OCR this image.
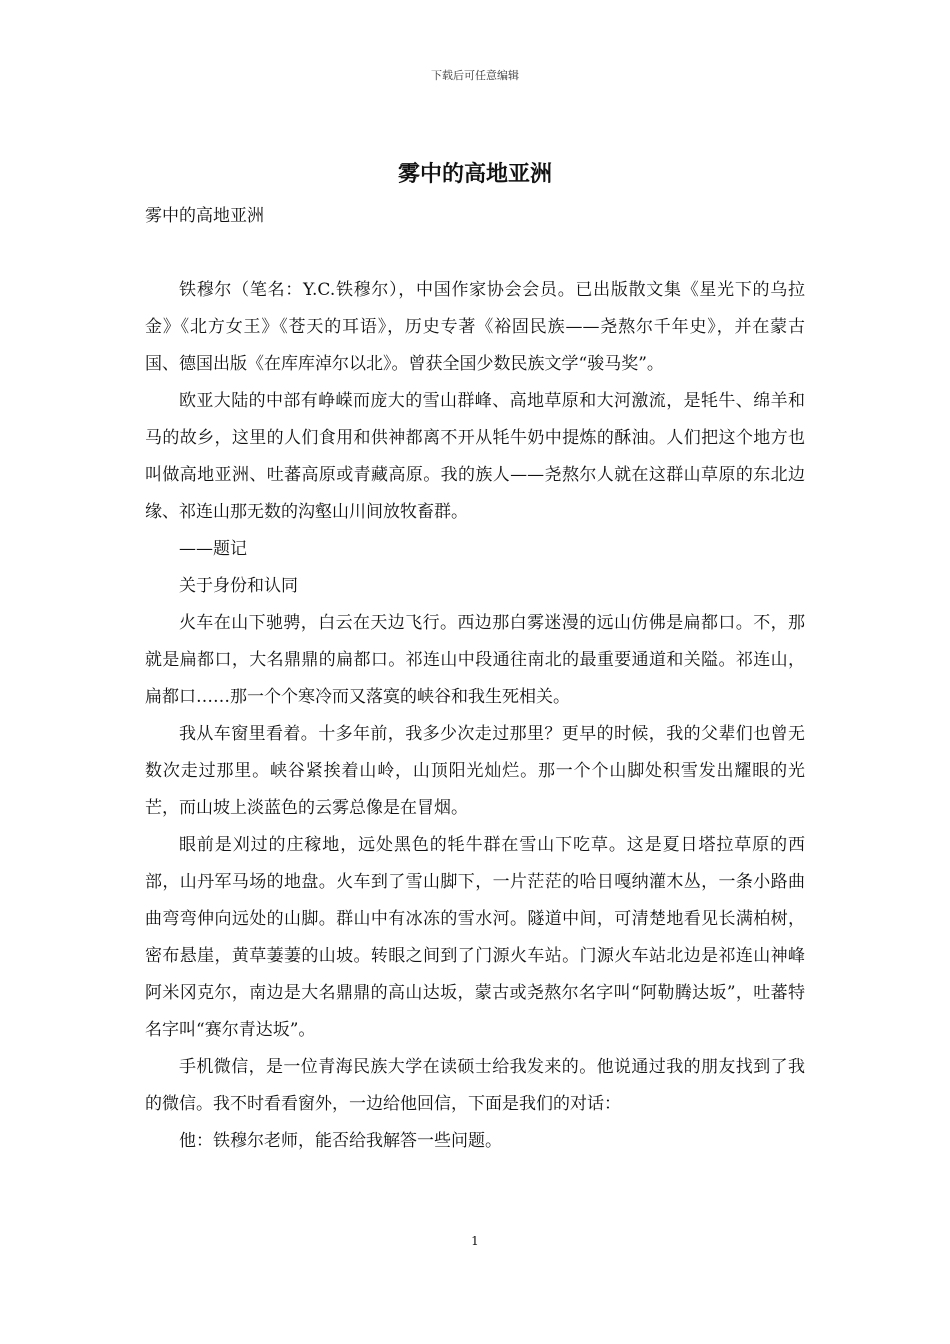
下载后可任意编辑
雾中的高地亚洲

雾中的高地亚洲

铁穆尔（笔名：Y.C.铁穆尔），中国作家协会会员。已出版散文集《星光下的乌拉金》《北方女王》《苍天的耳语》，历史专著《裕固民族——尧熬尔千年史》，并在蒙古国、德国出版《在库库淖尔以北》。曾获全国少数民族文学“骏马奖”。

欧亚大陆的中部有峥嵘而庞大的雪山群峰、高地草原和大河激流，是牦牛、绵羊和马的故乡，这里的人们食用和供神都离不开从牦牛奶中提炼的酥油。人们把这个地方也叫做高地亚洲、吐蕃高原或青藏高原。我的族人——尧熬尔人就在这群山草原的东北边缘、祁连山那无数的沟壑山川间放牧畜群。

——题记

关于身份和认同

火车在山下驰骋，白云在天边飞行。西边那白雾迷漫的远山仿佛是扁都口。不，那就是扁都口，大名鼎鼎的扁都口。祁连山中段通往南北的最重要通道和关隘。祁连山，扁都口……那一个个寒冷而又落寞的峡谷和我生死相关。

我从车窗里看着。十多年前，我多少次走过那里？更早的时候，我的父辈们也曾无数次走过那里。峡谷紧挨着山岭，山顶阳光灿烂。那一个个山脚处积雪发出耀眼的光芒，而山坡上淡蓝色的云雾总像是在冒烟。

眼前是刈过的庄稼地，远处黑色的牦牛群在雪山下吃草。这是夏日塔拉草原的西部，山丹军马场的地盘。火车到了雪山脚下，一片茫茫的哈日嘎纳灌木丛，一条小路曲曲弯弯伸向远处的山脚。群山中有冰冻的雪水河。隧道中间，可清楚地看见长满柏树，密布悬崖，黄草萋萋的山坡。转眼之间到了门源火车站。门源火车站北边是祁连山神峰阿米冈克尔，南边是大名鼎鼎的高山达坂，蒙古或尧熬尔名字叫“阿勒腾达坂”，吐蕃特名字叫“赛尔青达坂”。

手机微信，是一位青海民族大学在读硕士给我发来的。他说通过我的朋友找到了我的微信。我不时看看窗外，一边给他回信，下面是我们的对话：

他：铁穆尔老师，能否给我解答一些问题。

1
